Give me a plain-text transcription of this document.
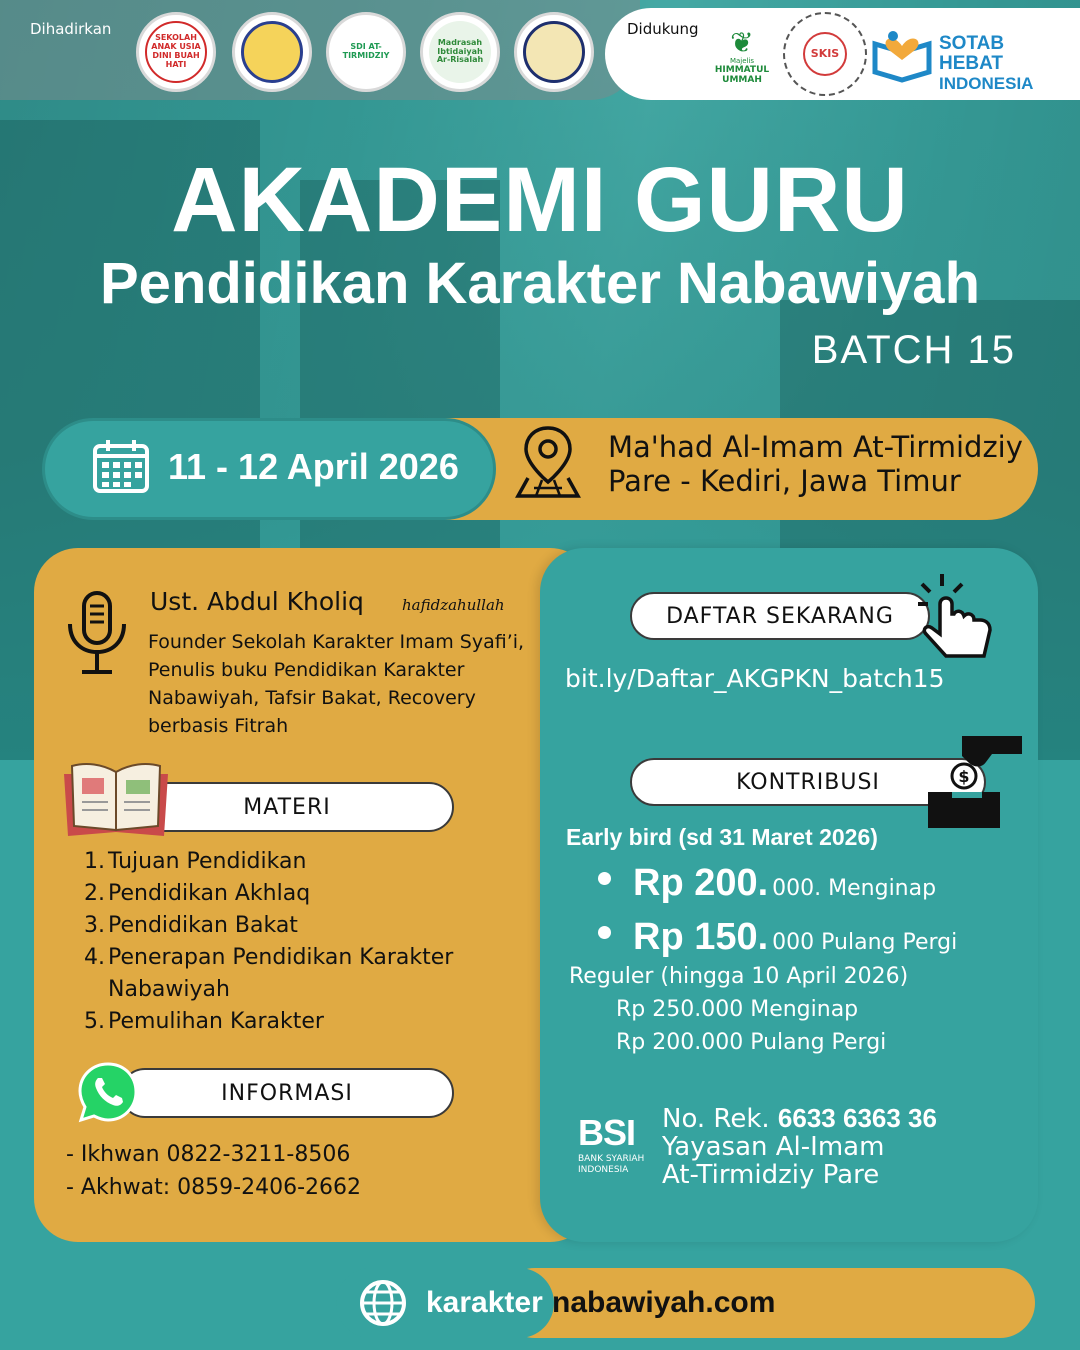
Dihadirkan	SEKOLAH ANAK USIA DINI BUAH HATI
SDI AT-TIRMIDZIY
Madrasah Ibtidaiyah Ar-Risalah
Didukung	❦
Majelis
HIMMATUL UMMAH
SKIS	SOTAB HEBAT
INDONESIA
AKADEMI GURU
Pendidikan Karakter Nabawiyah
BATCH 15
11 - 12 April 2026	Ma'had Al-Imam At-Tirmidziy
Pare - Kediri, Jawa Timur
Ust. Abdul Kholiq	hafidzahullah
Founder Sekolah Karakter Imam Syafi’i, Penulis buku Pendidikan Karakter Nabawiyah, Tafsir Bakat, Recovery berbasis Fitrah
MATERI
1. Tujuan Pendidikan
2. Pendidikan Akhlaq
3. Pendidikan Bakat
4. Penerapan Pendidikan Karakter Nabawiyah
5. Pemulihan Karakter
INFORMASI
- Ikhwan 0822-3211-8506
- Akhwat: 0859-2406-2662
DAFTAR SEKARANG
bit.ly/Daftar_AKGPKN_batch15
KONTRIBUSI	$
Early bird (sd 31 Maret 2026)
Rp 200. 000. Menginap
Rp 150. 000 Pulang Pergi
Reguler (hingga 10 April 2026)
Rp 250.000 Menginap
Rp 200.000 Pulang Pergi
BSI
BANK SYARIAH
INDONESIA
No. Rek. 6633 6363 36
Yayasan Al-Imam
At-Tirmidziy Pare
karakter nabawiyah.com
